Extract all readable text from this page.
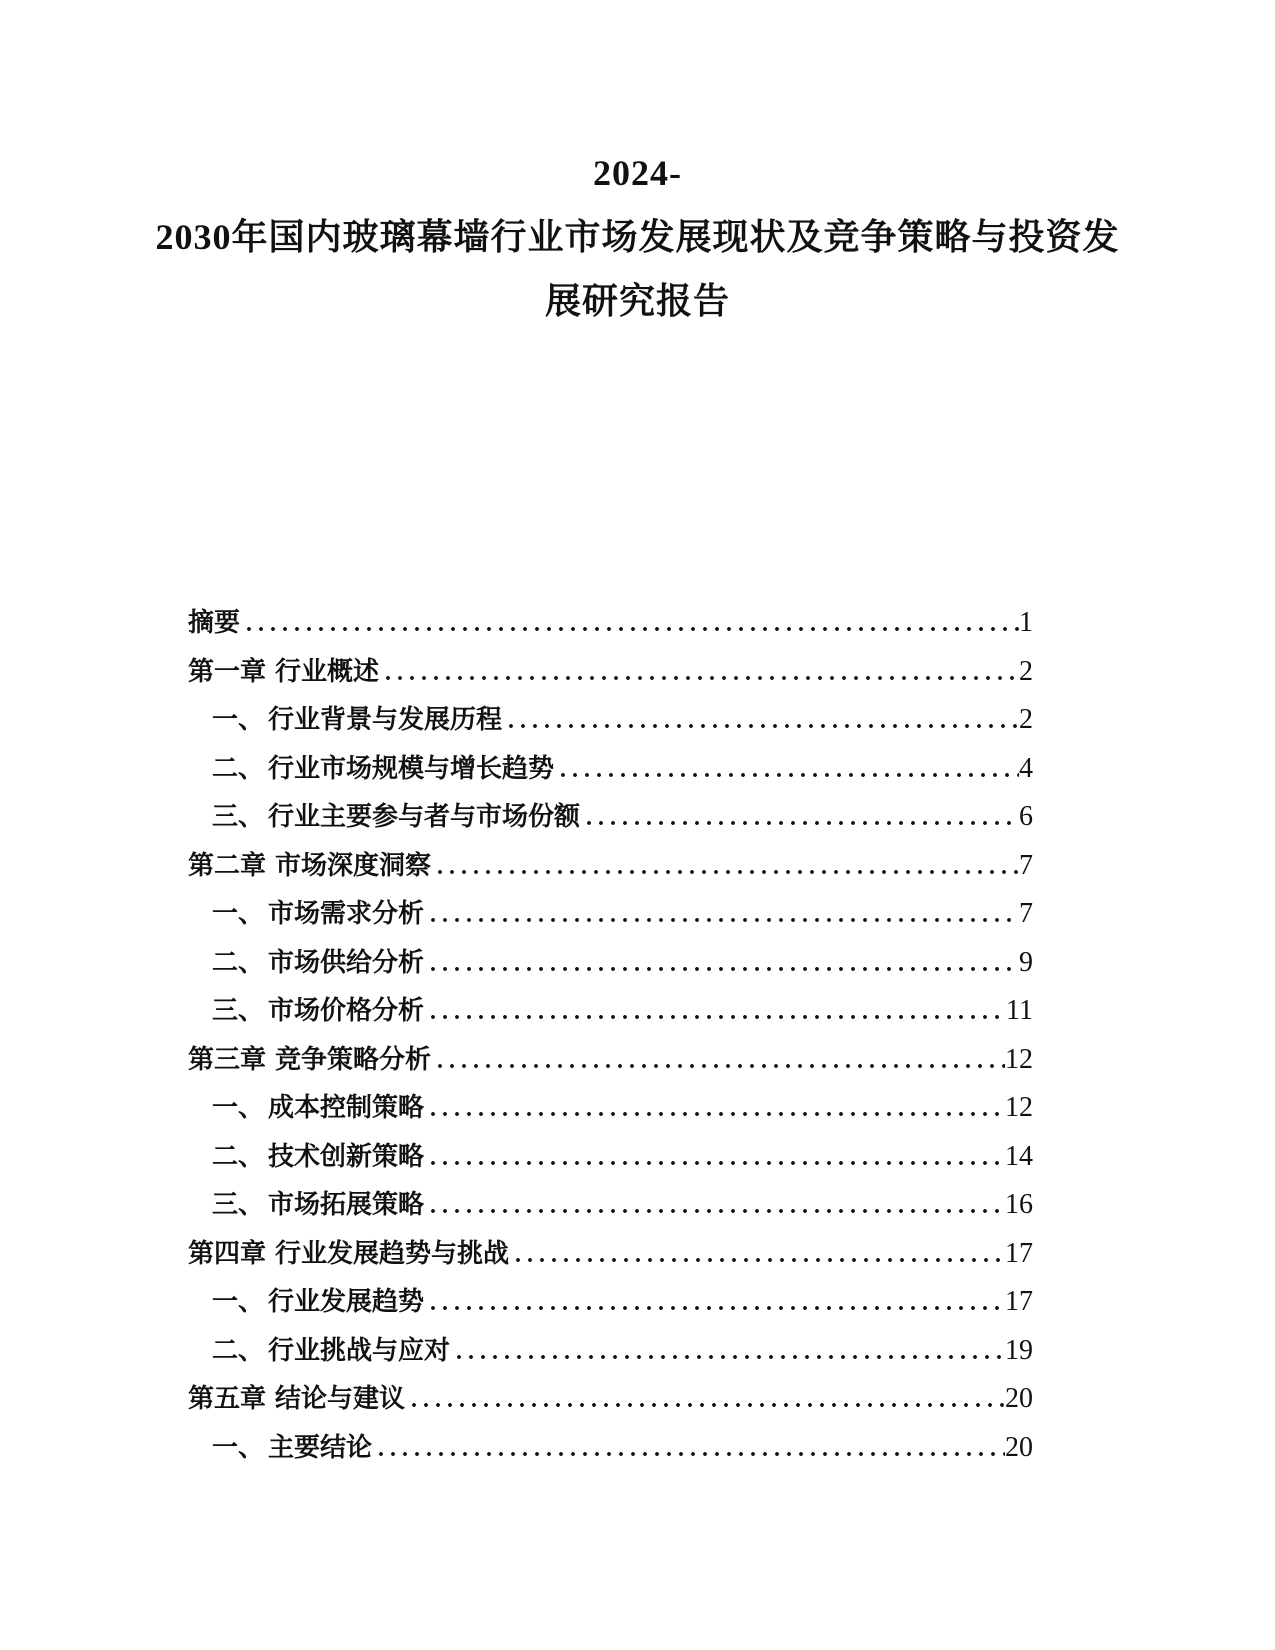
2024-
2030年国内玻璃幕墙行业市场发展现状及竞争策略与投资发
展研究报告
摘要 .....	1
第一章 行业概述 .....	2
一、 行业背景与发展历程 .....	2
二、 行业市场规模与增长趋势 .....	4
三、 行业主要参与者与市场份额 .....	6
第二章 市场深度洞察 .....	7
一、 市场需求分析 .....	7
二、 市场供给分析 .....	9
三、 市场价格分析 .....	11
第三章 竞争策略分析 .....	12
一、 成本控制策略 .....	12
二、 技术创新策略 .....	14
三、 市场拓展策略 .....	16
第四章 行业发展趋势与挑战 .....	17
一、 行业发展趋势 .....	17
二、 行业挑战与应对 .....	19
第五章 结论与建议 .....	20
一、 主要结论 .....	20
